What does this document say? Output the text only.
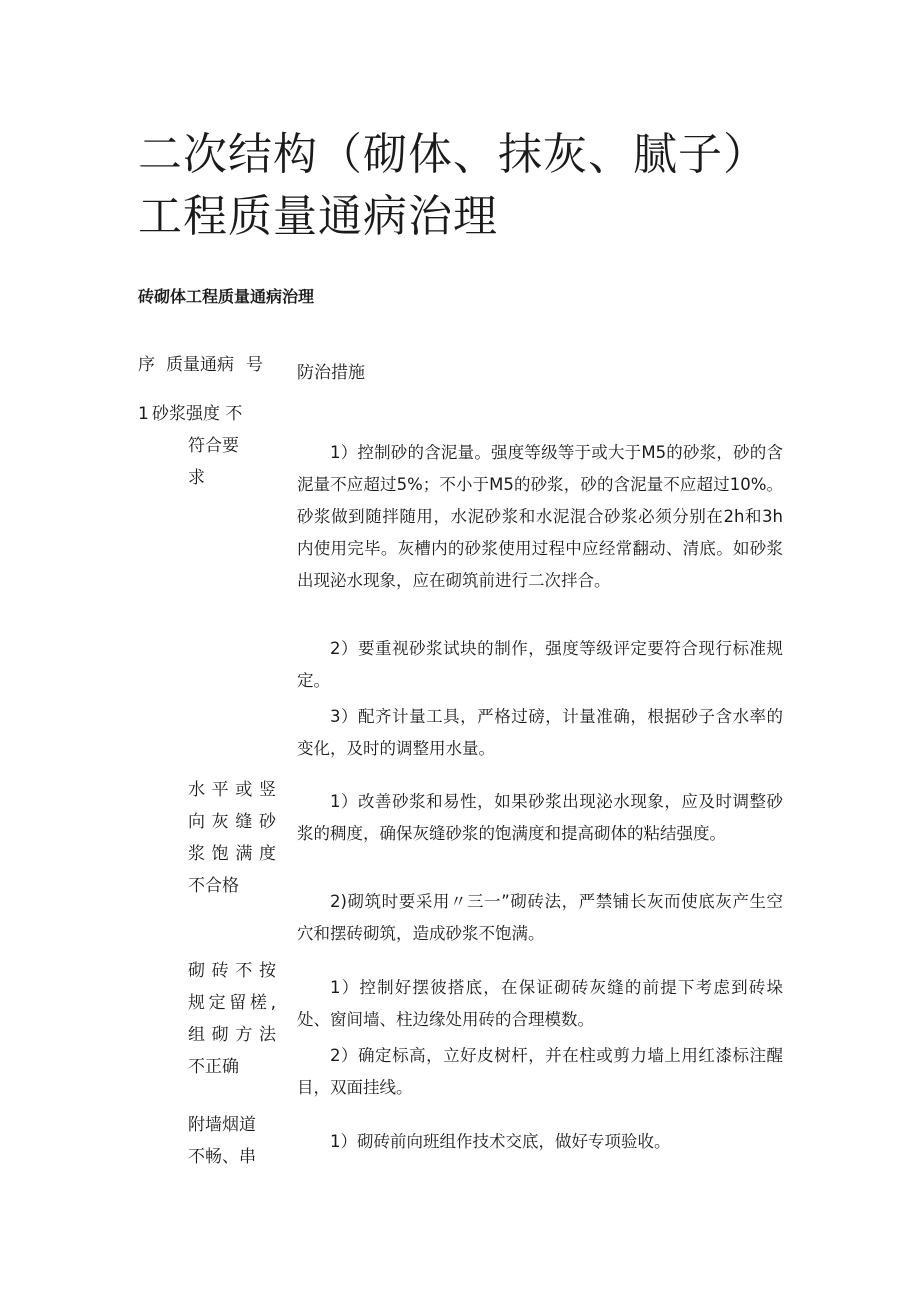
二次结构（砌体、抹灰、腻子）工程质量通病治理
砖砌体工程质量通病治理
序 质量通病 号 防治措施
1 砂浆强度 不
符合要
求

1）控制砂的含泥量。强度等级等于或大于M5的砂浆，砂的含泥量不应超过5%；不小于M5的砂浆，砂的含泥量不应超过10%。砂浆做到随拌随用，水泥砂浆和水泥混合砂浆必须分别在2h和3h内使用完毕。灰槽内的砂浆使用过程中应经常翻动、清底。如砂浆出现泌水现象，应在砌筑前进行二次拌合。

2）要重视砂浆试块的制作，强度等级评定要符合现行标准规定。

3）配齐计量工具，严格过磅，计量准确，根据砂子含水率的变化，及时的调整用水量。

水平或竖
向灰缝砂
浆饱满度
不合格

1）改善砂浆和易性，如果砂浆出现泌水现象，应及时调整砂浆的稠度，确保灰缝砂浆的饱满度和提高砌体的粘结强度。

2)砌筑时要采用〃三一”砌砖法，严禁铺长灰而使底灰产生空穴和摆砖砌筑，造成砂浆不饱满。

砌砖不按
规定留槎,
组砌方法
不正确

1）控制好摆彼搭底，在保证砌砖灰缝的前提下考虑到砖垛处、窗间墙、柱边缘处用砖的合理模数。

2）确定标高，立好皮树杆，并在柱或剪力墙上用红漆标注醒目，双面挂线。

附墙烟道
不畅、串

1）砌砖前向班组作技术交底，做好专项验收。
